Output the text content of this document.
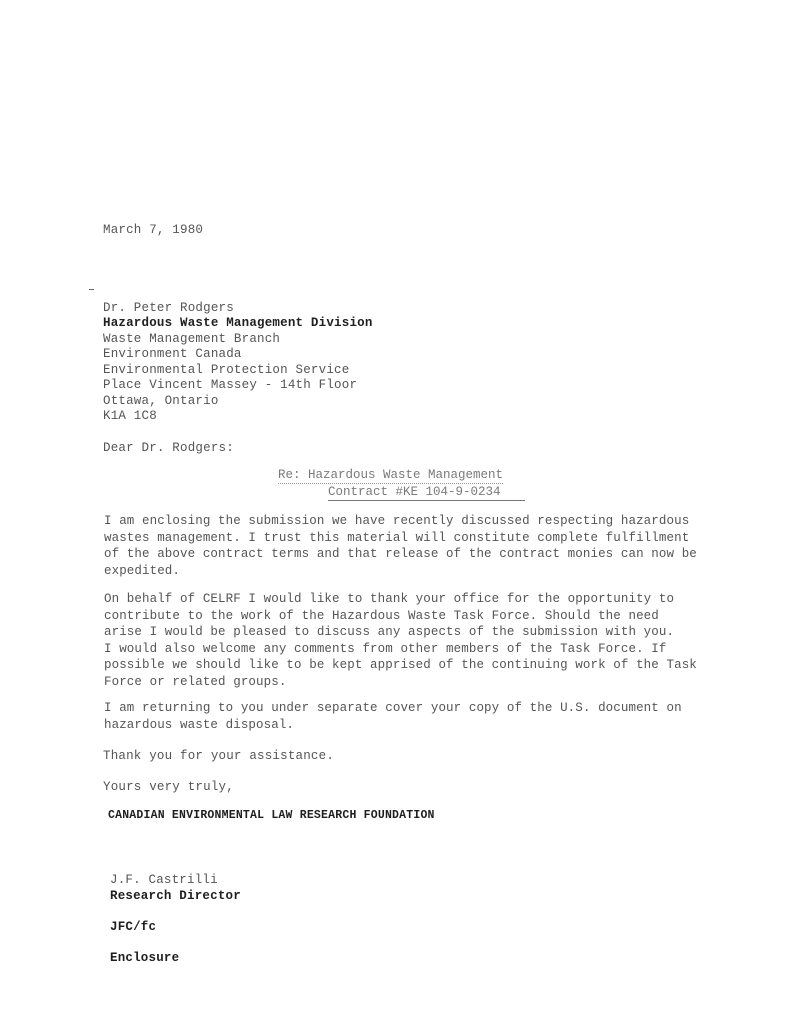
March 7, 1980
Dr. Peter Rodgers
Hazardous Waste Management Division
Waste Management Branch
Environment Canada
Environmental Protection Service
Place Vincent Massey - 14th Floor
Ottawa, Ontario
K1A 1C8
Dear Dr. Rodgers:
Re: Hazardous Waste Management
Contract #KE 104-9-0234
I am enclosing the submission we have recently discussed respecting hazardous
wastes management. I trust this material will constitute complete fulfillment
of the above contract terms and that release of the contract monies can now be
expedited.
On behalf of CELRF I would like to thank your office for the opportunity to
contribute to the work of the Hazardous Waste Task Force. Should the need
arise I would be pleased to discuss any aspects of the submission with you.
I would also welcome any comments from other members of the Task Force. If
possible we should like to be kept apprised of the continuing work of the Task
Force or related groups.
I am returning to you under separate cover your copy of the U.S. document on
hazardous waste disposal.
Thank you for your assistance.
Yours very truly,
CANADIAN ENVIRONMENTAL LAW RESEARCH FOUNDATION
J.F. Castrilli
Research Director
JFC/fc
Enclosure
